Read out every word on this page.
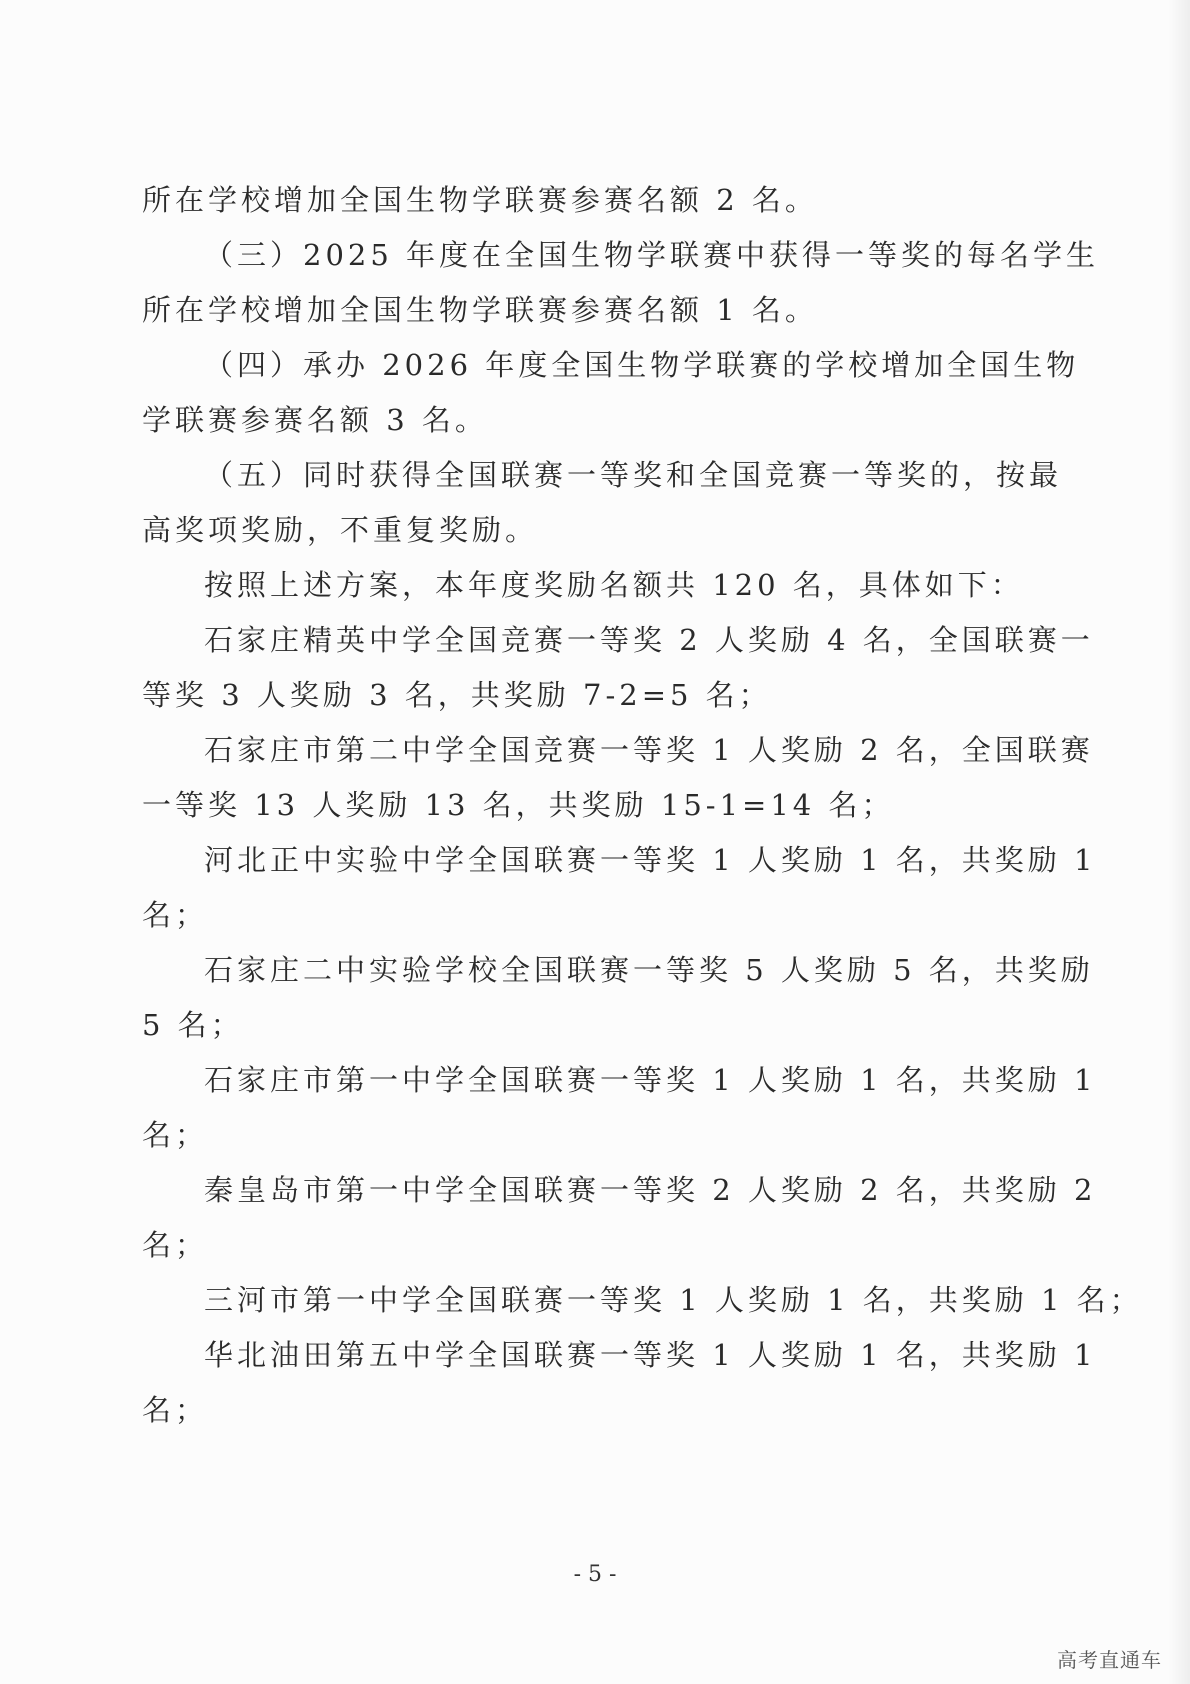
所在学校增加全国生物学联赛参赛名额 2 名。
（三）2025 年度在全国生物学联赛中获得一等奖的每名学生
所在学校增加全国生物学联赛参赛名额 1 名。
（四）承办 2026 年度全国生物学联赛的学校增加全国生物
学联赛参赛名额 3 名。
（五）同时获得全国联赛一等奖和全国竞赛一等奖的，按最
高奖项奖励，不重复奖励。
按照上述方案，本年度奖励名额共 120 名，具体如下：
石家庄精英中学全国竞赛一等奖 2 人奖励 4 名，全国联赛一
等奖 3 人奖励 3 名，共奖励 7-2=5 名；
石家庄市第二中学全国竞赛一等奖 1 人奖励 2 名，全国联赛
一等奖 13 人奖励 13 名，共奖励 15-1=14 名；
河北正中实验中学全国联赛一等奖 1 人奖励 1 名，共奖励 1
名；
石家庄二中实验学校全国联赛一等奖 5 人奖励 5 名，共奖励
5 名；
石家庄市第一中学全国联赛一等奖 1 人奖励 1 名，共奖励 1
名；
秦皇岛市第一中学全国联赛一等奖 2 人奖励 2 名，共奖励 2
名；
三河市第一中学全国联赛一等奖 1 人奖励 1 名，共奖励 1 名；
华北油田第五中学全国联赛一等奖 1 人奖励 1 名，共奖励 1
名；
- 5 -
高考直通车
